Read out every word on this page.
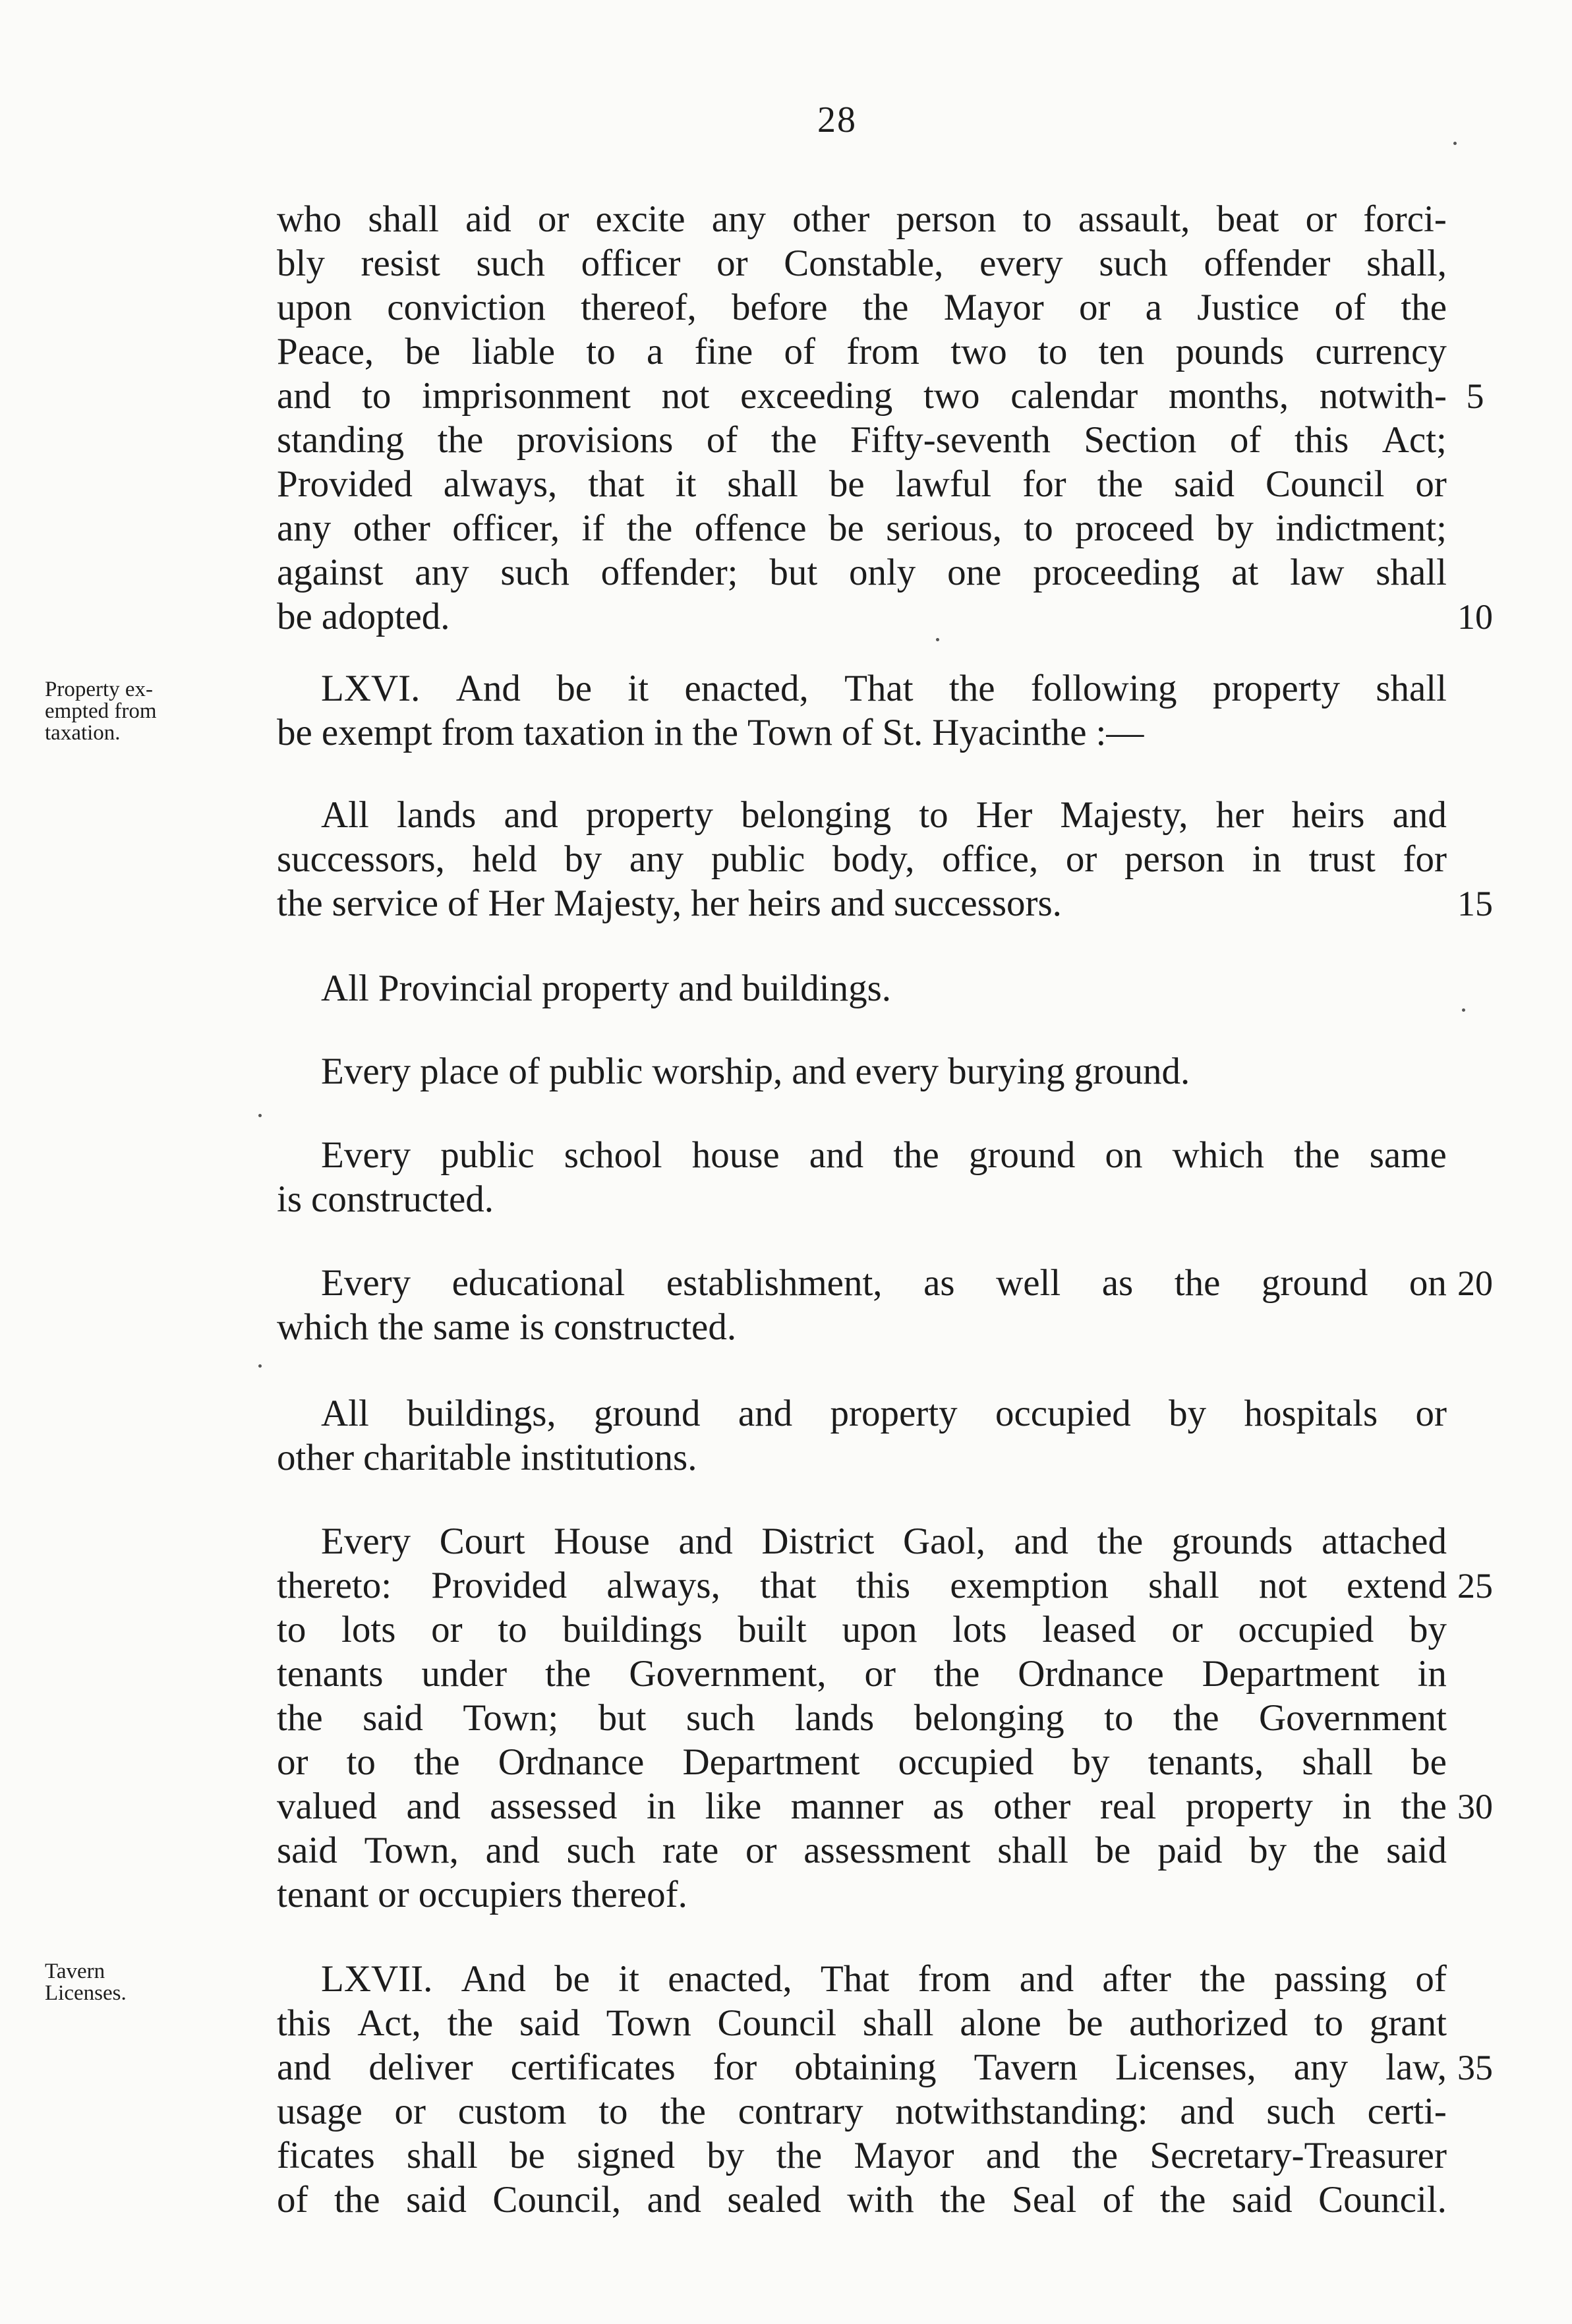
28
who shall aid or excite any other person to assault, beat or forci-
bly resist such officer or Constable, every such offender shall,
upon conviction thereof, before the Mayor or a Justice of the
Peace, be liable to a fine of from two to ten pounds currency
and to imprisonment not exceeding two calendar months, notwith-
standing the provisions of the Fifty-seventh Section of this Act;
Provided always, that it shall be lawful for the said Council or
any other officer, if the offence be serious, to proceed by indictment;
against any such offender; but only one proceeding at law shall
be adopted.
5
10
Property ex-
empted from
taxation.
LXVI. And be it enacted, That the following property shall
be exempt from taxation in the Town of St. Hyacinthe :—
All lands and property belonging to Her Majesty, her heirs and
successors, held by any public body, office, or person in trust for
the service of Her Majesty, her heirs and successors.	15
All Provincial property and buildings.
Every place of public worship, and every burying ground.
Every public school house and the ground on which the same
is constructed.
Every educational establishment, as well as the ground on
which the same is constructed.
20
All buildings, ground and property occupied by hospitals or
other charitable institutions.
Every Court House and District Gaol, and the grounds attached
thereto: Provided always, that this exemption shall not extend
to lots or to buildings built upon lots leased or occupied by
tenants under the Government, or the Ordnance Department in
the said Town; but such lands belonging to the Government
or to the Ordnance Department occupied by tenants, shall be
valued and assessed in like manner as other real property in the
said Town, and such rate or assessment shall be paid by the said
tenant or occupiers thereof.
25
30
Tavern
Licenses.	LXVII. And be it enacted, That from and after the passing of
this Act, the said Town Council shall alone be authorized to grant
and deliver certificates for obtaining Tavern Licenses, any law,
usage or custom to the contrary notwithstanding: and such certi-
ficates shall be signed by the Mayor and the Secretary-Treasurer
of the said Council, and sealed with the Seal of the said Council.
35
